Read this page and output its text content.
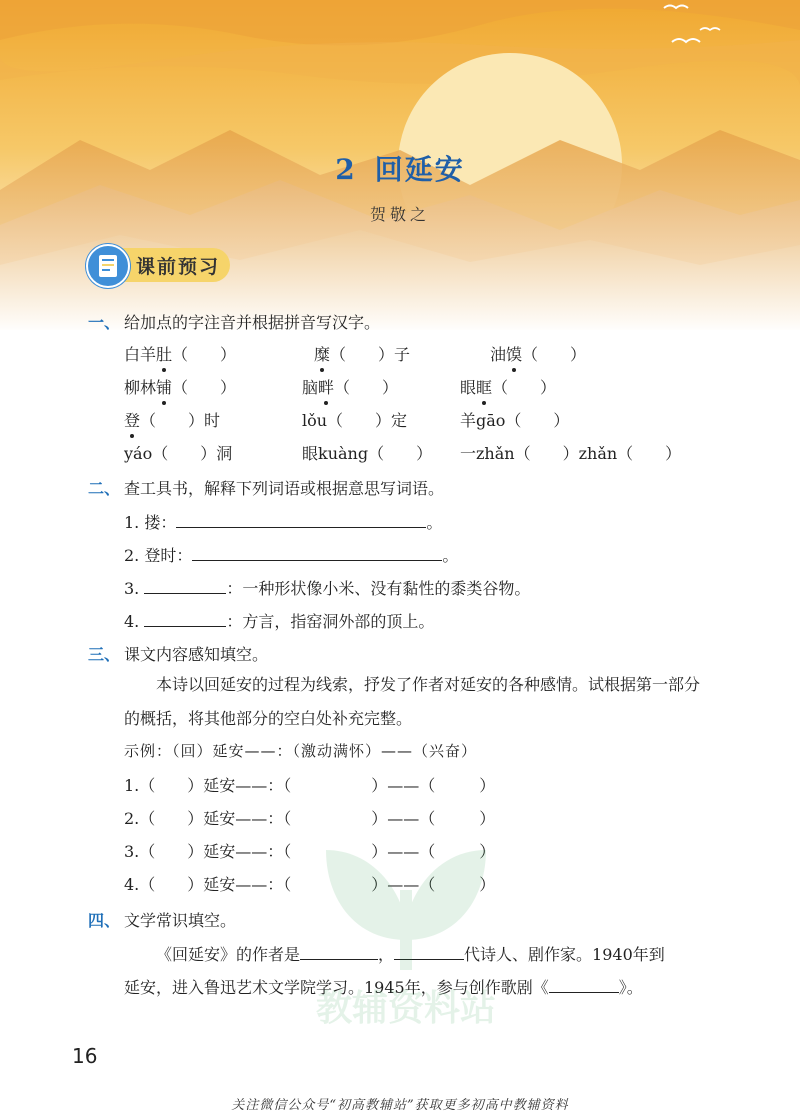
2 回延安
贺敬之
课前预习
一、 给加点的字注音并根据拼音写汉字。
白羊肚（　　）	糜（　　）子	油馍（　　）
柳林铺（　　）	脑畔（　　）	眼眶（　　）
登（　　）时	lǒu（　　）定	羊gāo（　　）
yáo（　　）洞	眼kuàng（　　） 一zhǎn（　　）zhǎn（　　）
二、 查工具书，解释下列词语或根据意思写词语。
1. 搂：	。
2. 登时：	。
3.	：一种形状像小米、没有黏性的黍类谷物。
4.	：方言，指窑洞外部的顶上。
三、 课文内容感知填空。
本诗以回延安的过程为线索，抒发了作者对延安的各种感情。试根据第一部分的概括，将其他部分的空白处补充完整。
示例：（回）延安——：（激动满怀）——（兴奋）
1.（　　）延安——：（	）——（	）
2.（　　）延安——：（	）——（	）
3.（　　）延安——：（	）——（	）
4.（　　）延安——：（	）——（	）
四、 文学常识填空。
《回延安》的作者是	，	代诗人、剧作家。1940年到
延安，进入鲁迅艺术文学院学习。1945年，参与创作歌剧《	》。
教辅资料站
16
关注微信公众号“初高教辅站”获取更多初高中教辅资料
